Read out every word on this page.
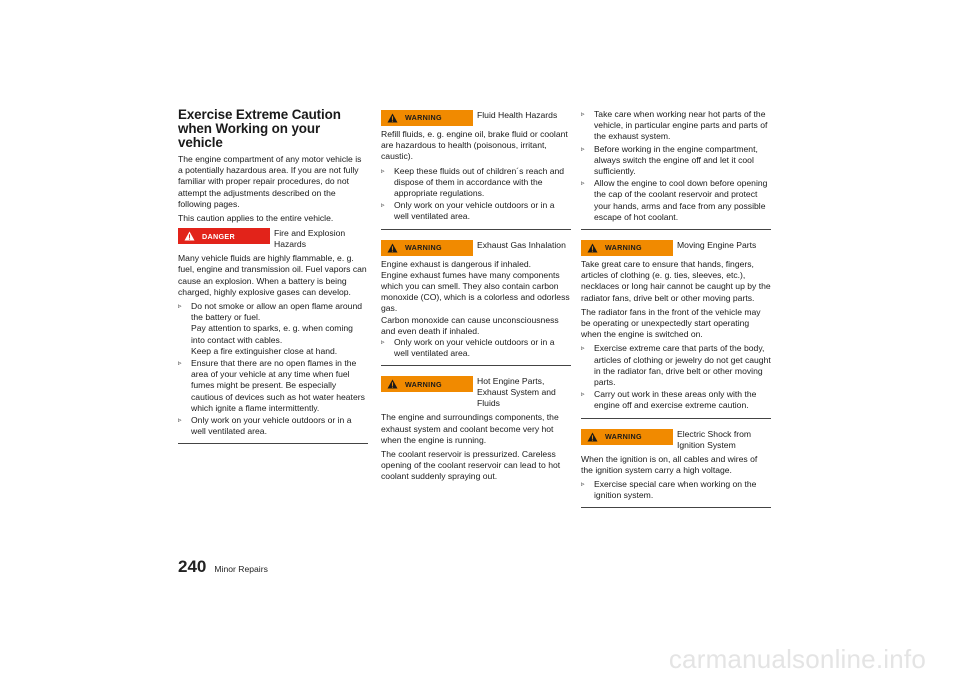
Exercise Extreme Caution when Working on your vehicle

The engine compartment of any motor vehicle is a potentially hazardous area. If you are not fully familiar with proper repair procedures, do not attempt the adjustments described on the following pages.

This caution applies to the entire vehicle.

DANGER	Fire and Explosion Hazards

Many vehicle fluids are highly flammable, e. g. fuel, engine and transmission oil. Fuel vapors can cause an explosion. When a battery is being charged, highly explosive gases can develop.

▹ Do not smoke or allow an open flame around the battery or fuel.
Pay attention to sparks, e. g. when coming into contact with cables.
Keep a fire extinguisher close at hand.
▹ Ensure that there are no open flames in the area of your vehicle at any time when fuel fumes might be present. Be especially cautious of devices such as hot water heaters which ignite a flame intermittently.
▹ Only work on your vehicle outdoors or in a well ventilated area.
WARNING	Fluid Health Hazards

Refill fluids, e. g. engine oil, brake fluid or coolant are hazardous to health (poisonous, irritant, caustic).

▹ Keep these fluids out of children´s reach and dispose of them in accordance with the appropriate regulations.
▹ Only work on your vehicle outdoors or in a well ventilated area.
WARNING	Exhaust Gas Inhalation

Engine exhaust is dangerous if inhaled.

Engine exhaust fumes have many components which you can smell. They also contain carbon monoxide (CO), which is a colorless and odorless gas.

Carbon monoxide can cause unconsciousness and even death if inhaled.

▹ Only work on your vehicle outdoors or in a well ventilated area.
WARNING	Hot Engine Parts, Exhaust System and Fluids

The engine and surroundings components, the exhaust system and coolant become very hot when the engine is running.

The coolant reservoir is pressurized. Careless opening of the coolant reservoir can lead to hot coolant suddenly spraying out.

▹ Take care when working near hot parts of the vehicle, in particular engine parts and parts of the exhaust system.
▹ Before working in the engine compartment, always switch the engine off and let it cool sufficiently.
▹ Allow the engine to cool down before opening the cap of the coolant reservoir and protect your hands, arms and face from any possible escape of hot coolant.
WARNING	Moving Engine Parts

Take great care to ensure that hands, fingers, articles of clothing (e. g. ties, sleeves, etc.), necklaces or long hair cannot be caught up by the radiator fans, drive belt or other moving parts.

The radiator fans in the front of the vehicle may be operating or unexpectedly start operating when the engine is switched on.

▹ Exercise extreme care that parts of the body, articles of clothing or jewelry do not get caught in the radiator fan, drive belt or other moving parts.
▹ Carry out work in these areas only with the engine off and exercise extreme caution.
WARNING	Electric Shock from Ignition System

When the ignition is on, all cables and wires of the ignition system carry a high voltage.

▹ Exercise special care when working on the ignition system.
240 Minor Repairs
carmanualsonline.info
